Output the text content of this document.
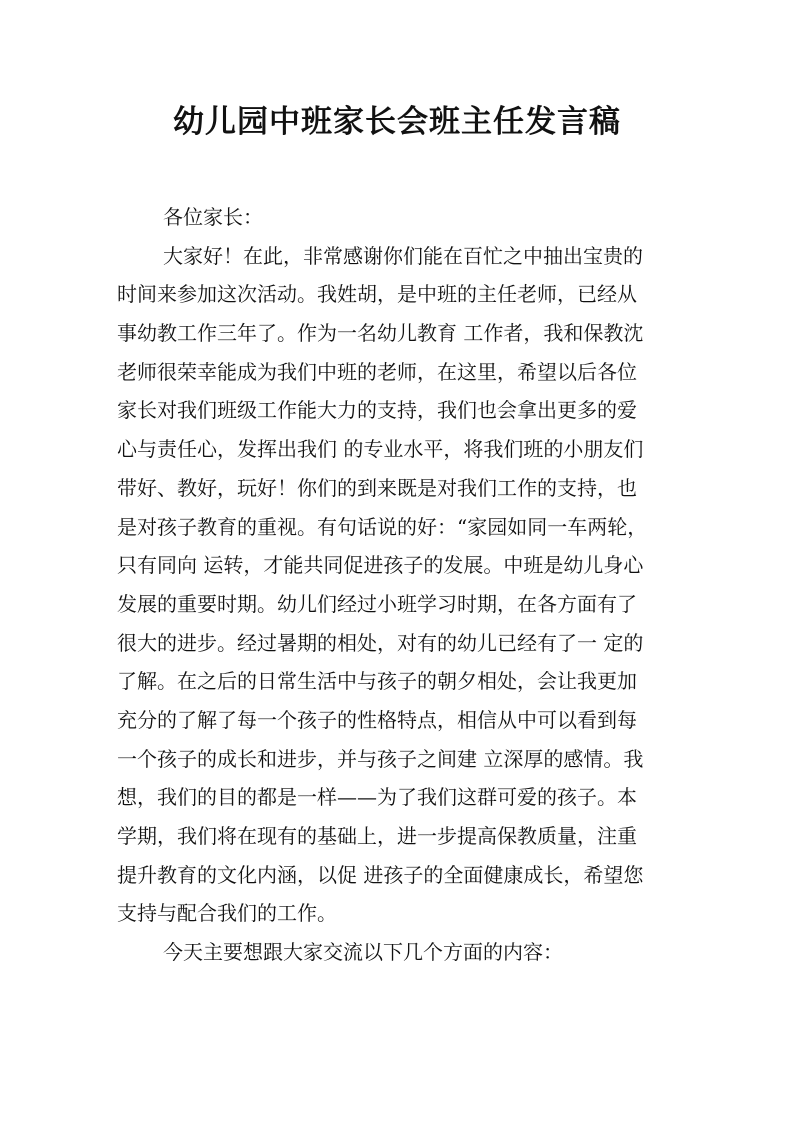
幼儿园中班家长会班主任发言稿

各位家长：

大家好！在此，非常感谢你们能在百忙之中抽出宝贵的

时间来参加这次活动。我姓胡，是中班的主任老师，已经从

事幼教工作三年了。作为一名幼儿教育 工作者，我和保教沈

老师很荣幸能成为我们中班的老师，在这里，希望以后各位

家长对我们班级工作能大力的支持，我们也会拿出更多的爱

心与责任心，发挥出我们 的专业水平，将我们班的小朋友们

带好、教好，玩好！你们的到来既是对我们工作的支持，也

是对孩子教育的重视。有句话说的好：“家园如同一车两轮，

只有同向 运转，才能共同促进孩子的发展。中班是幼儿身心

发展的重要时期。幼儿们经过小班学习时期，在各方面有了

很大的进步。经过暑期的相处，对有的幼儿已经有了一 定的

了解。在之后的日常生活中与孩子的朝夕相处，会让我更加

充分的了解了每一个孩子的性格特点，相信从中可以看到每

一个孩子的成长和进步，并与孩子之间建 立深厚的感情。我

想，我们的目的都是一样——为了我们这群可爱的孩子。本

学期，我们将在现有的基础上，进一步提高保教质量，注重

提升教育的文化内涵，以促 进孩子的全面健康成长，希望您

支持与配合我们的工作。

今天主要想跟大家交流以下几个方面的内容：
